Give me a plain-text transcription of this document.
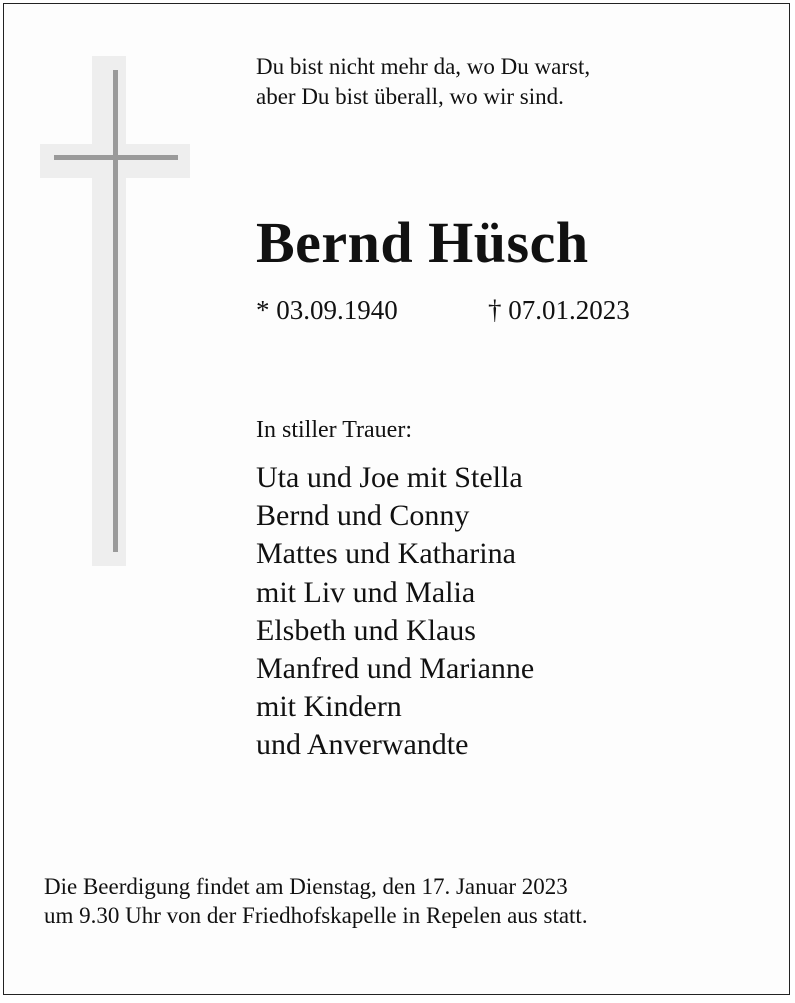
Du bist nicht mehr da, wo Du warst,
aber Du bist überall, wo wir sind.
Bernd Hüsch
* 03.09.1940	† 07.01.2023
In stiller Trauer:
Uta und Joe mit Stella
Bernd und Conny
Mattes und Katharina
mit Liv und Malia
Elsbeth und Klaus
Manfred und Marianne
mit Kindern
und Anverwandte
Die Beerdigung findet am Dienstag, den 17. Januar 2023
um 9.30 Uhr von der Friedhofskapelle in Repelen aus statt.
